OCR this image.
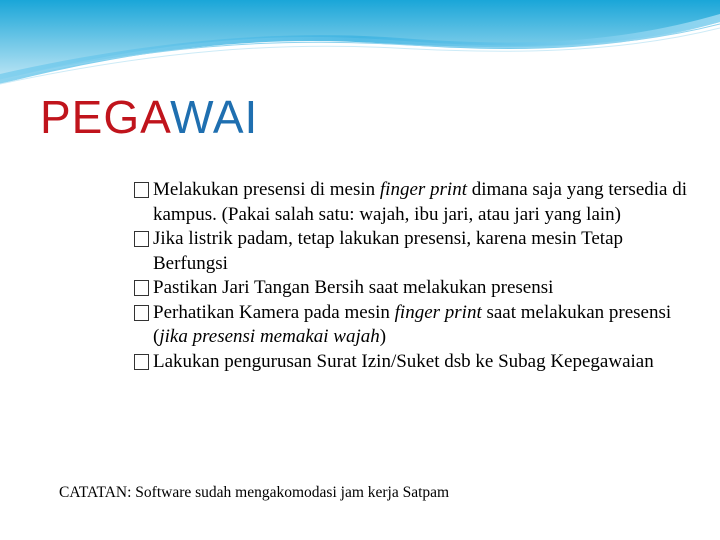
PEGAWAI
Melakukan presensi di mesin finger print dimana saja yang tersedia di kampus. (Pakai salah satu: wajah, ibu jari, atau jari yang lain)
Jika listrik padam, tetap lakukan presensi, karena mesin Tetap Berfungsi
Pastikan Jari Tangan Bersih saat melakukan presensi
Perhatikan Kamera pada mesin finger print saat melakukan presensi (jika presensi memakai wajah)
Lakukan pengurusan Surat Izin/Suket dsb ke Subag Kepegawaian

CATATAN: Software sudah mengakomodasi jam kerja Satpam
